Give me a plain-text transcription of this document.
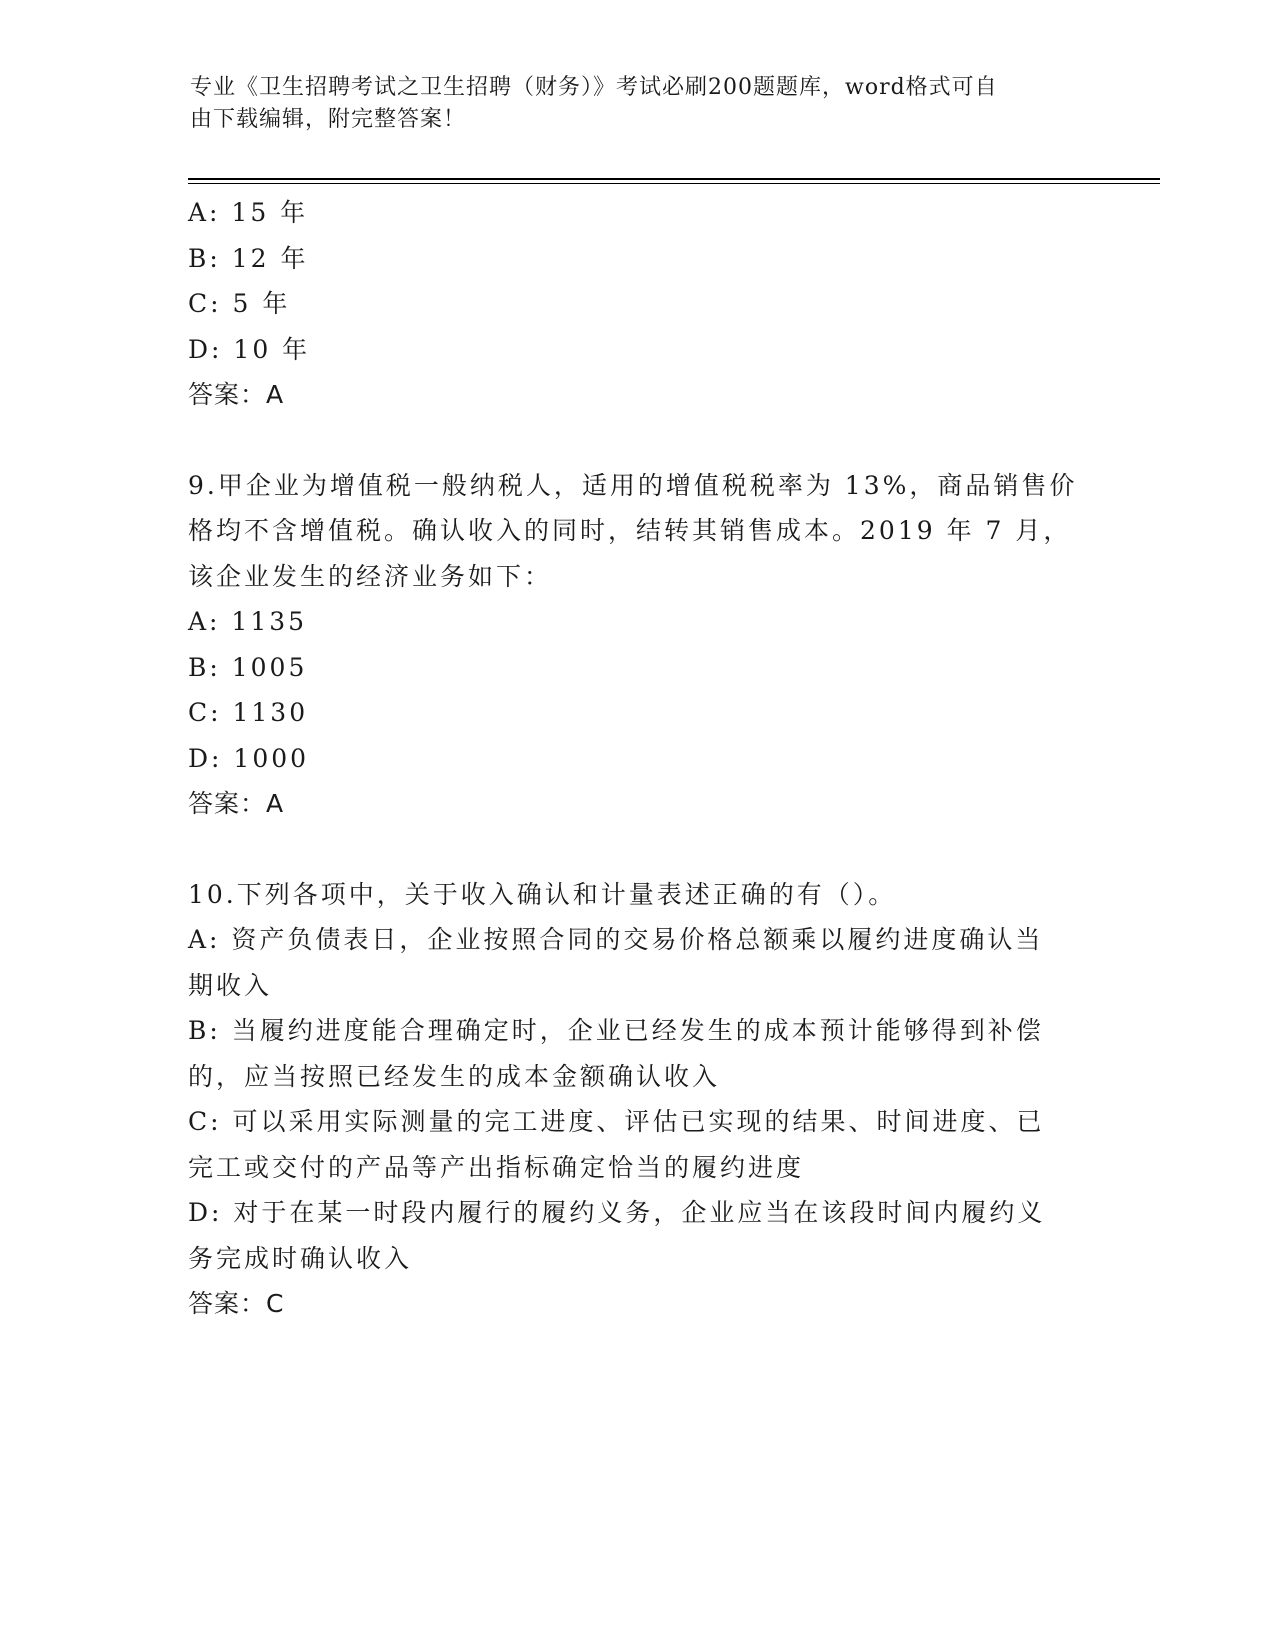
专业《卫生招聘考试之卫生招聘（财务）》考试必刷200题题库，word格式可自
由下载编辑，附完整答案！
A: 15 年
B: 12 年
C: 5 年
D: 10 年
答案：A
9.甲企业为增值税一般纳税人，适用的增值税税率为 13%，商品销售价
格均不含增值税。确认收入的同时，结转其销售成本。2019 年 7 月，
该企业发生的经济业务如下：
A: 1135
B: 1005
C: 1130
D: 1000
答案：A
10.下列各项中，关于收入确认和计量表述正确的有（）。
A: 资产负债表日，企业按照合同的交易价格总额乘以履约进度确认当
期收入
B: 当履约进度能合理确定时，企业已经发生的成本预计能够得到补偿
的，应当按照已经发生的成本金额确认收入
C: 可以采用实际测量的完工进度、评估已实现的结果、时间进度、已
完工或交付的产品等产出指标确定恰当的履约进度
D: 对于在某一时段内履行的履约义务，企业应当在该段时间内履约义
务完成时确认收入
答案：C
